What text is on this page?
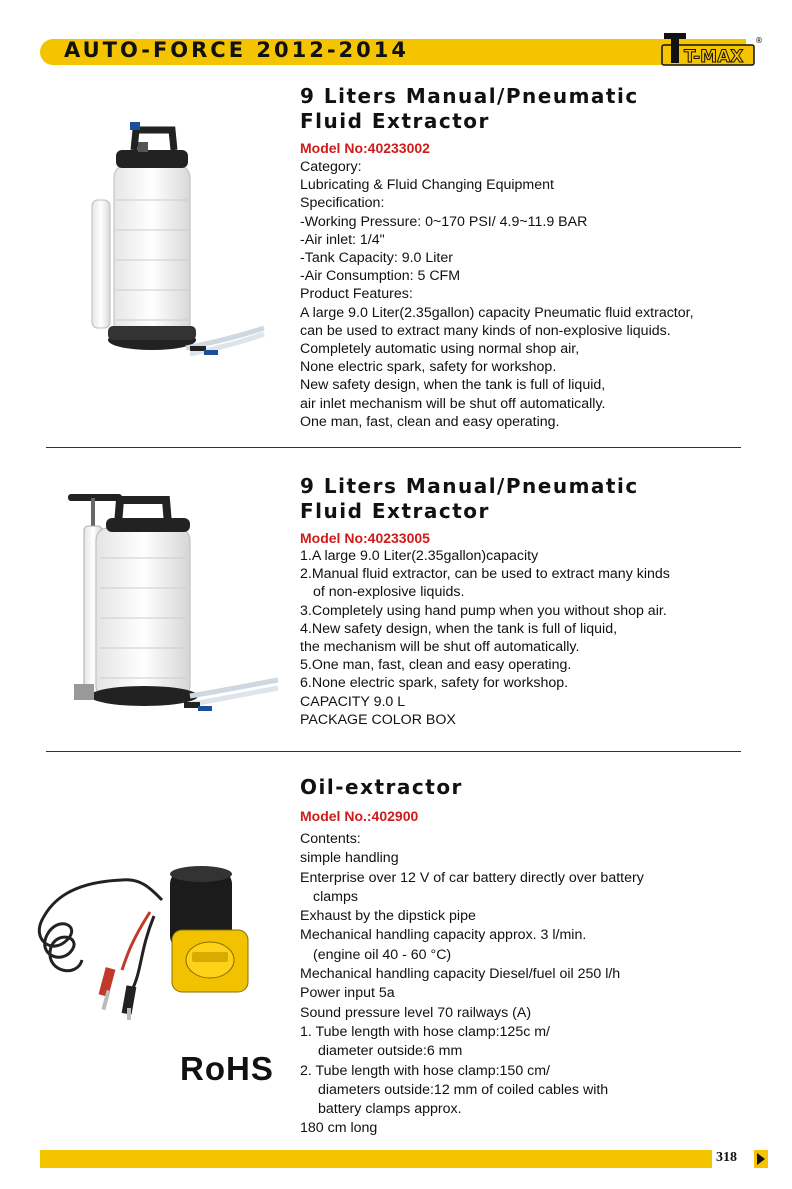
AUTO-FORCE 2012-2014	T-MAX
®
9 Liters Manual/Pneumatic
Fluid Extractor
Model No:40233002
Category:
Lubricating & Fluid Changing Equipment
Specification:
-Working Pressure: 0~170 PSI/ 4.9~11.9 BAR
-Air inlet: 1/4"
-Tank Capacity: 9.0 Liter
-Air Consumption: 5 CFM
Product Features:
A large 9.0 Liter(2.35gallon) capacity Pneumatic fluid extractor,
can be used to extract many kinds of non-explosive liquids.
Completely automatic using normal shop air,
None electric spark, safety for workshop.
New safety design, when the tank is full of liquid,
air inlet mechanism will be shut off automatically.
One man, fast, clean and easy operating.
9 Liters Manual/Pneumatic
Fluid Extractor
Model No:40233005
1.A large 9.0 Liter(2.35gallon)capacity
2.Manual fluid extractor, can be used to extract many kinds
of non-explosive liquids.
3.Completely using hand pump when you without shop air.
4.New safety design, when the tank is full of liquid,
the mechanism will be shut off automatically.
5.One man, fast, clean and easy operating.
6.None electric spark, safety for workshop.
CAPACITY 9.0 L
PACKAGE COLOR BOX
Oil-extractor
Model No.:402900
Contents:
simple handling
Enterprise over 12 V of car battery directly over battery
clamps
Exhaust by the dipstick pipe
Mechanical handling capacity approx. 3 l/min.
(engine oil 40 - 60 °C)
Mechanical handling capacity Diesel/fuel oil 250 l/h
Power input 5a
Sound pressure level 70 railways (A)
1. Tube length with hose clamp:125c m/
diameter outside:6 mm
2. Tube length with hose clamp:150 cm/
diameters outside:12 mm of coiled cables with
battery clamps approx.
180 cm long
RoHS
318
